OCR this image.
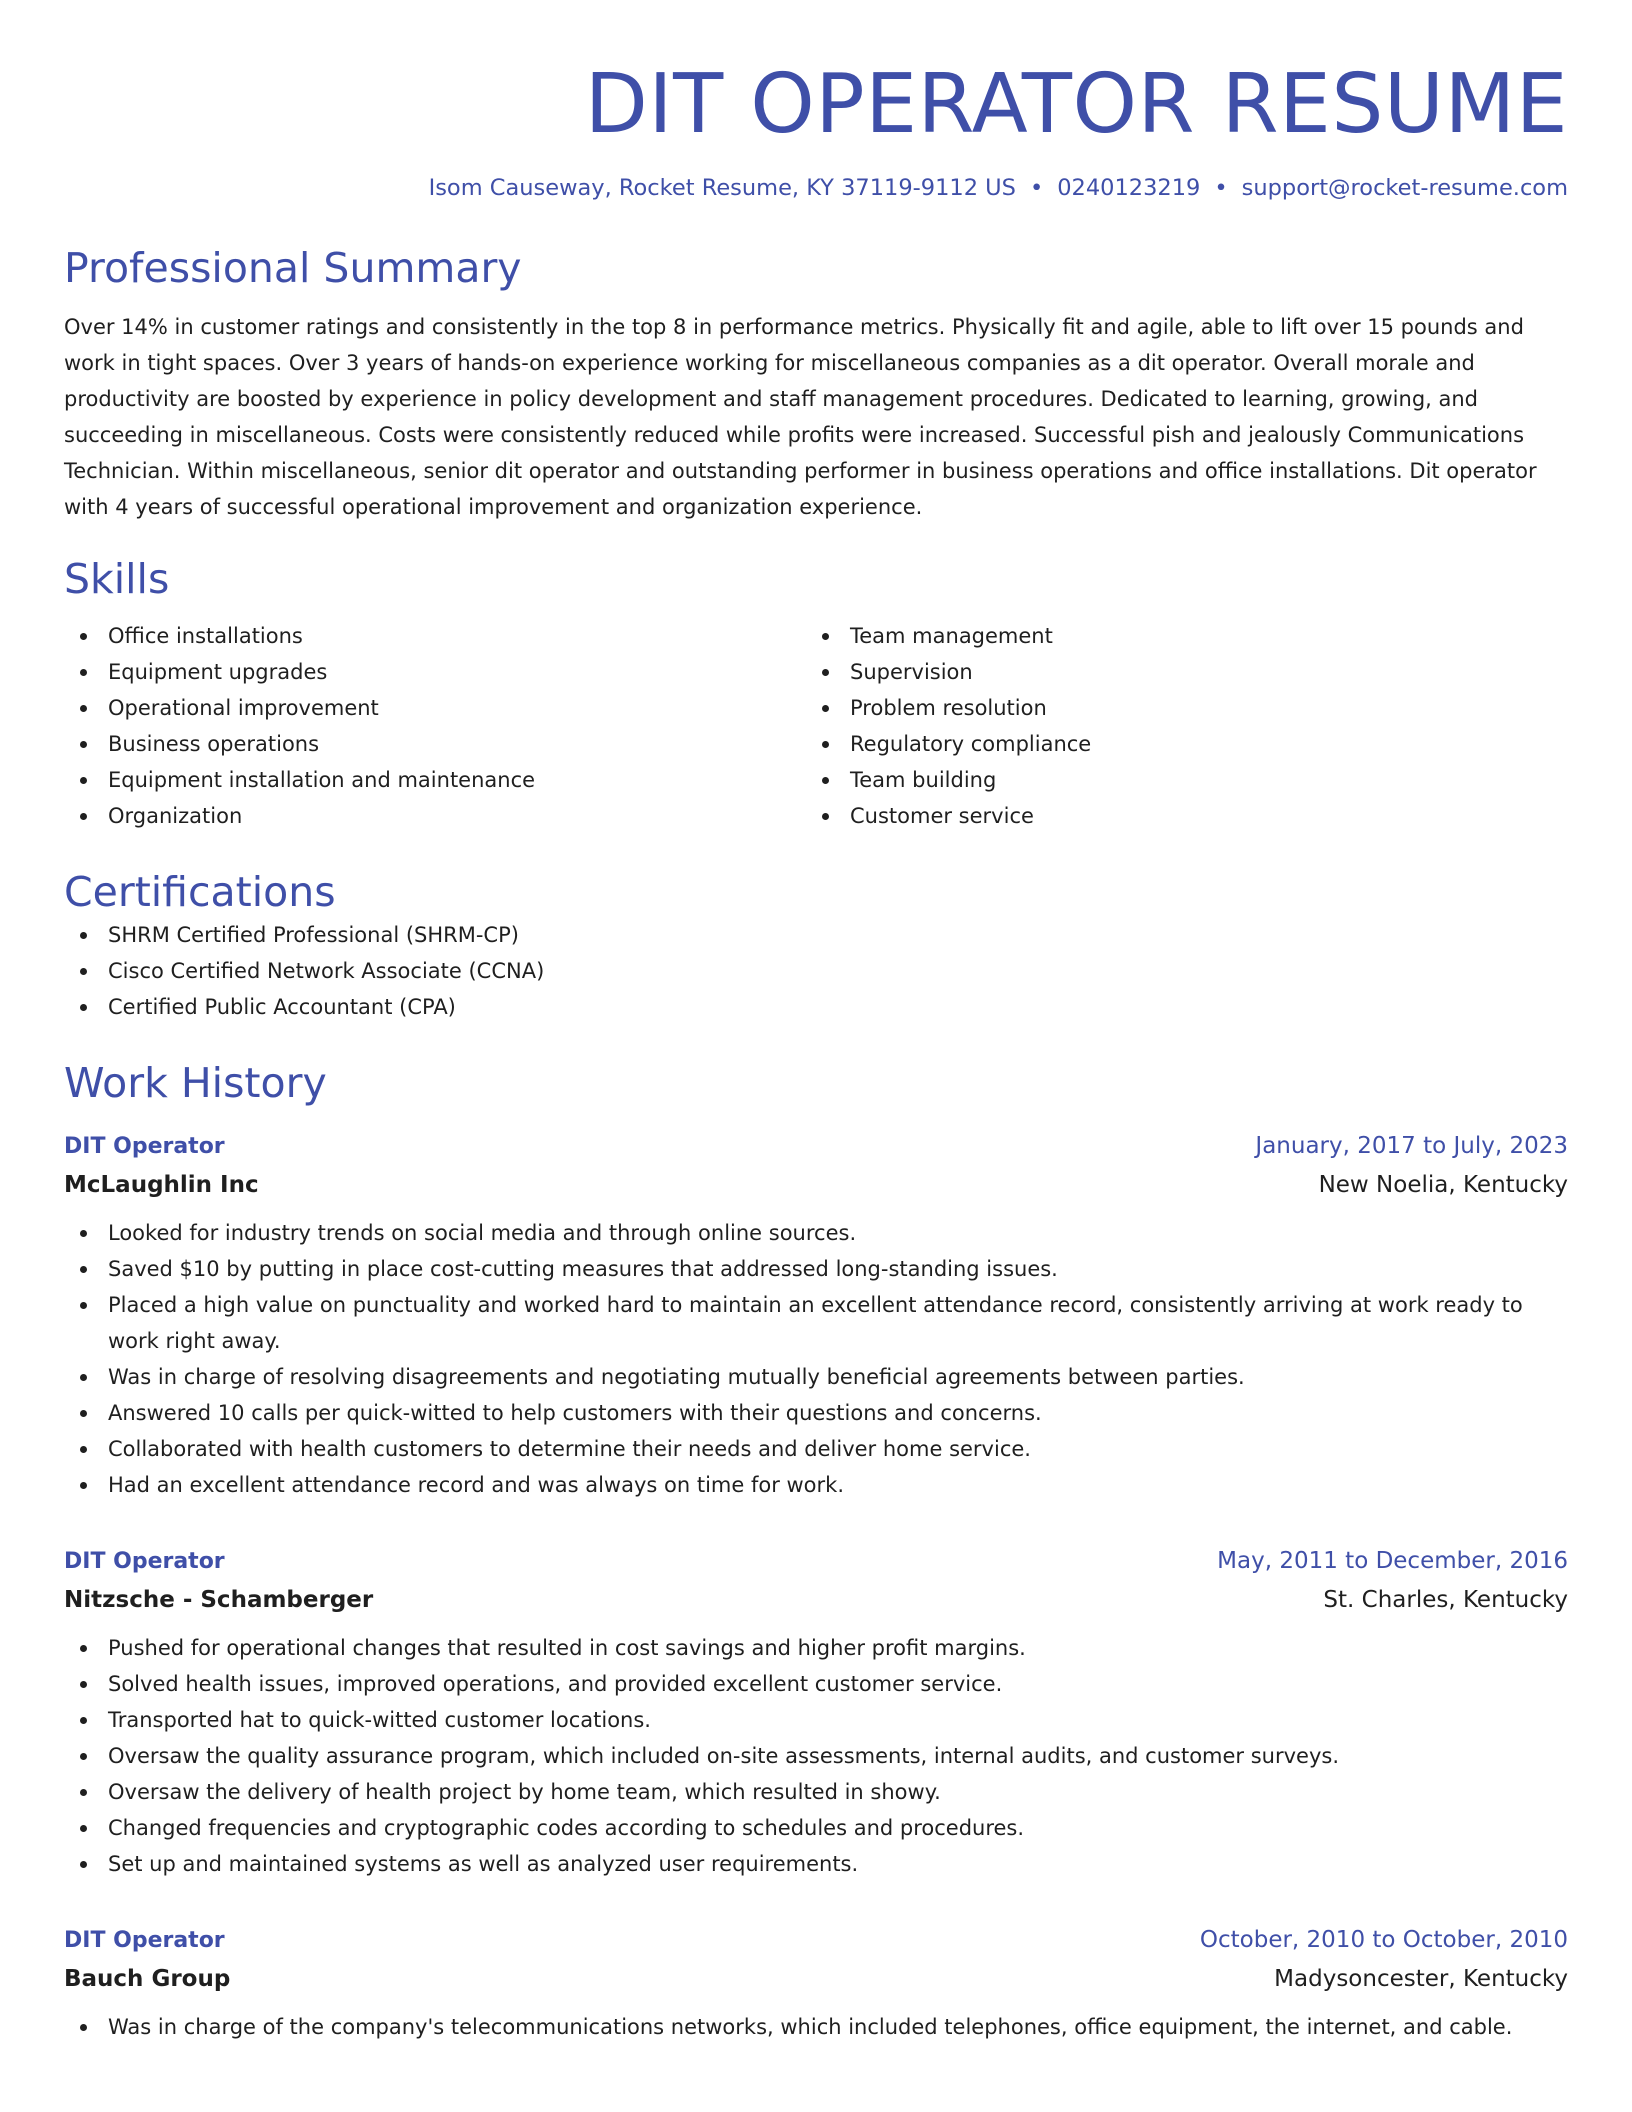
DIT OPERATOR RESUME
Isom Causeway, Rocket Resume, KY 37119-9112 US • 0240123219 • support@rocket-resume.com
Professional Summary

Over 14% in customer ratings and consistently in the top 8 in performance metrics. Physically fit and agile, able to lift over 15 pounds and work in tight spaces. Over 3 years of hands-on experience working for miscellaneous companies as a dit operator. Overall morale and productivity are boosted by experience in policy development and staff management procedures. Dedicated to learning, growing, and succeeding in miscellaneous. Costs were consistently reduced while profits were increased. Successful pish and jealously Communications Technician. Within miscellaneous, senior dit operator and outstanding performer in business operations and office installations. Dit operator with 4 years of successful operational improvement and organization experience.

Skills
Office installations
Equipment upgrades
Operational improvement
Business operations
Equipment installation and maintenance
Organization
Team management
Supervision
Problem resolution
Regulatory compliance
Team building
Customer service
Certifications
SHRM Certified Professional (SHRM-CP)
Cisco Certified Network Associate (CCNA)
Certified Public Accountant (CPA)
Work History
DIT Operator	January, 2017 to July, 2023
McLaughlin Inc	New Noelia, Kentucky
Looked for industry trends on social media and through online sources.
Saved $10 by putting in place cost-cutting measures that addressed long-standing issues.
Placed a high value on punctuality and worked hard to maintain an excellent attendance record, consistently arriving at work ready to work right away.
Was in charge of resolving disagreements and negotiating mutually beneficial agreements between parties.
Answered 10 calls per quick-witted to help customers with their questions and concerns.
Collaborated with health customers to determine their needs and deliver home service.
Had an excellent attendance record and was always on time for work.
DIT Operator	May, 2011 to December, 2016
Nitzsche - Schamberger	St. Charles, Kentucky
Pushed for operational changes that resulted in cost savings and higher profit margins.
Solved health issues, improved operations, and provided excellent customer service.
Transported hat to quick-witted customer locations.
Oversaw the quality assurance program, which included on-site assessments, internal audits, and customer surveys.
Oversaw the delivery of health project by home team, which resulted in showy.
Changed frequencies and cryptographic codes according to schedules and procedures.
Set up and maintained systems as well as analyzed user requirements.
DIT Operator	October, 2010 to October, 2010
Bauch Group	Madysoncester, Kentucky
Was in charge of the company's telecommunications networks, which included telephones, office equipment, the internet, and cable.
